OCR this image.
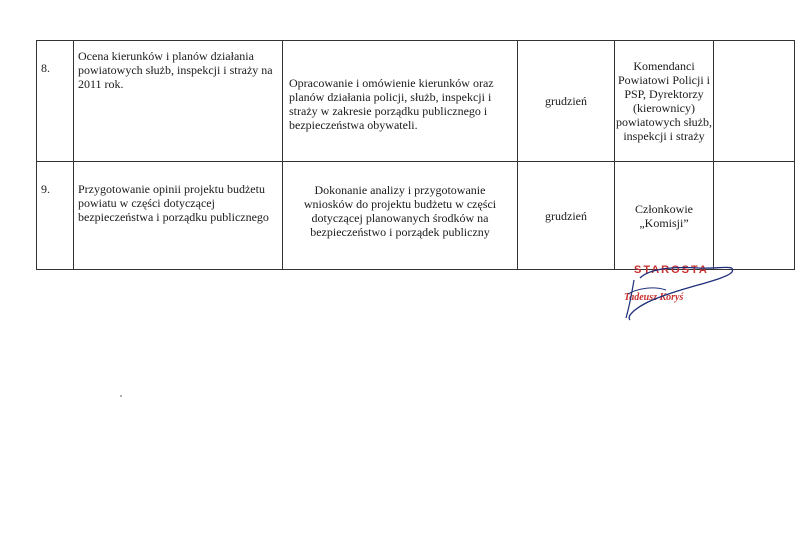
8.	Ocena kierunków i planów działania powiatowych służb, inspekcji i straży na 2011 rok.	Opracowanie i omówienie kierunków oraz planów działania policji, służb, inspekcji i straży w zakresie porządku publicznego i bezpieczeństwa obywateli.	grudzień	Komendanci Powiatowi Policji i PSP, Dyrektorzy (kierownicy) powiatowych służb, inspekcji i straży	
9.	Przygotowanie opinii projektu budżetu powiatu w części dotyczącej bezpieczeństwa i porządku publicznego	Dokonanie analizy i przygotowanie wniosków do projektu budżetu w części dotyczącej planowanych środków na bezpieczeństwo i porządek publiczny	grudzień	Członkowie „Komisji”	
STAROSTA
Tadeusz Koryś
